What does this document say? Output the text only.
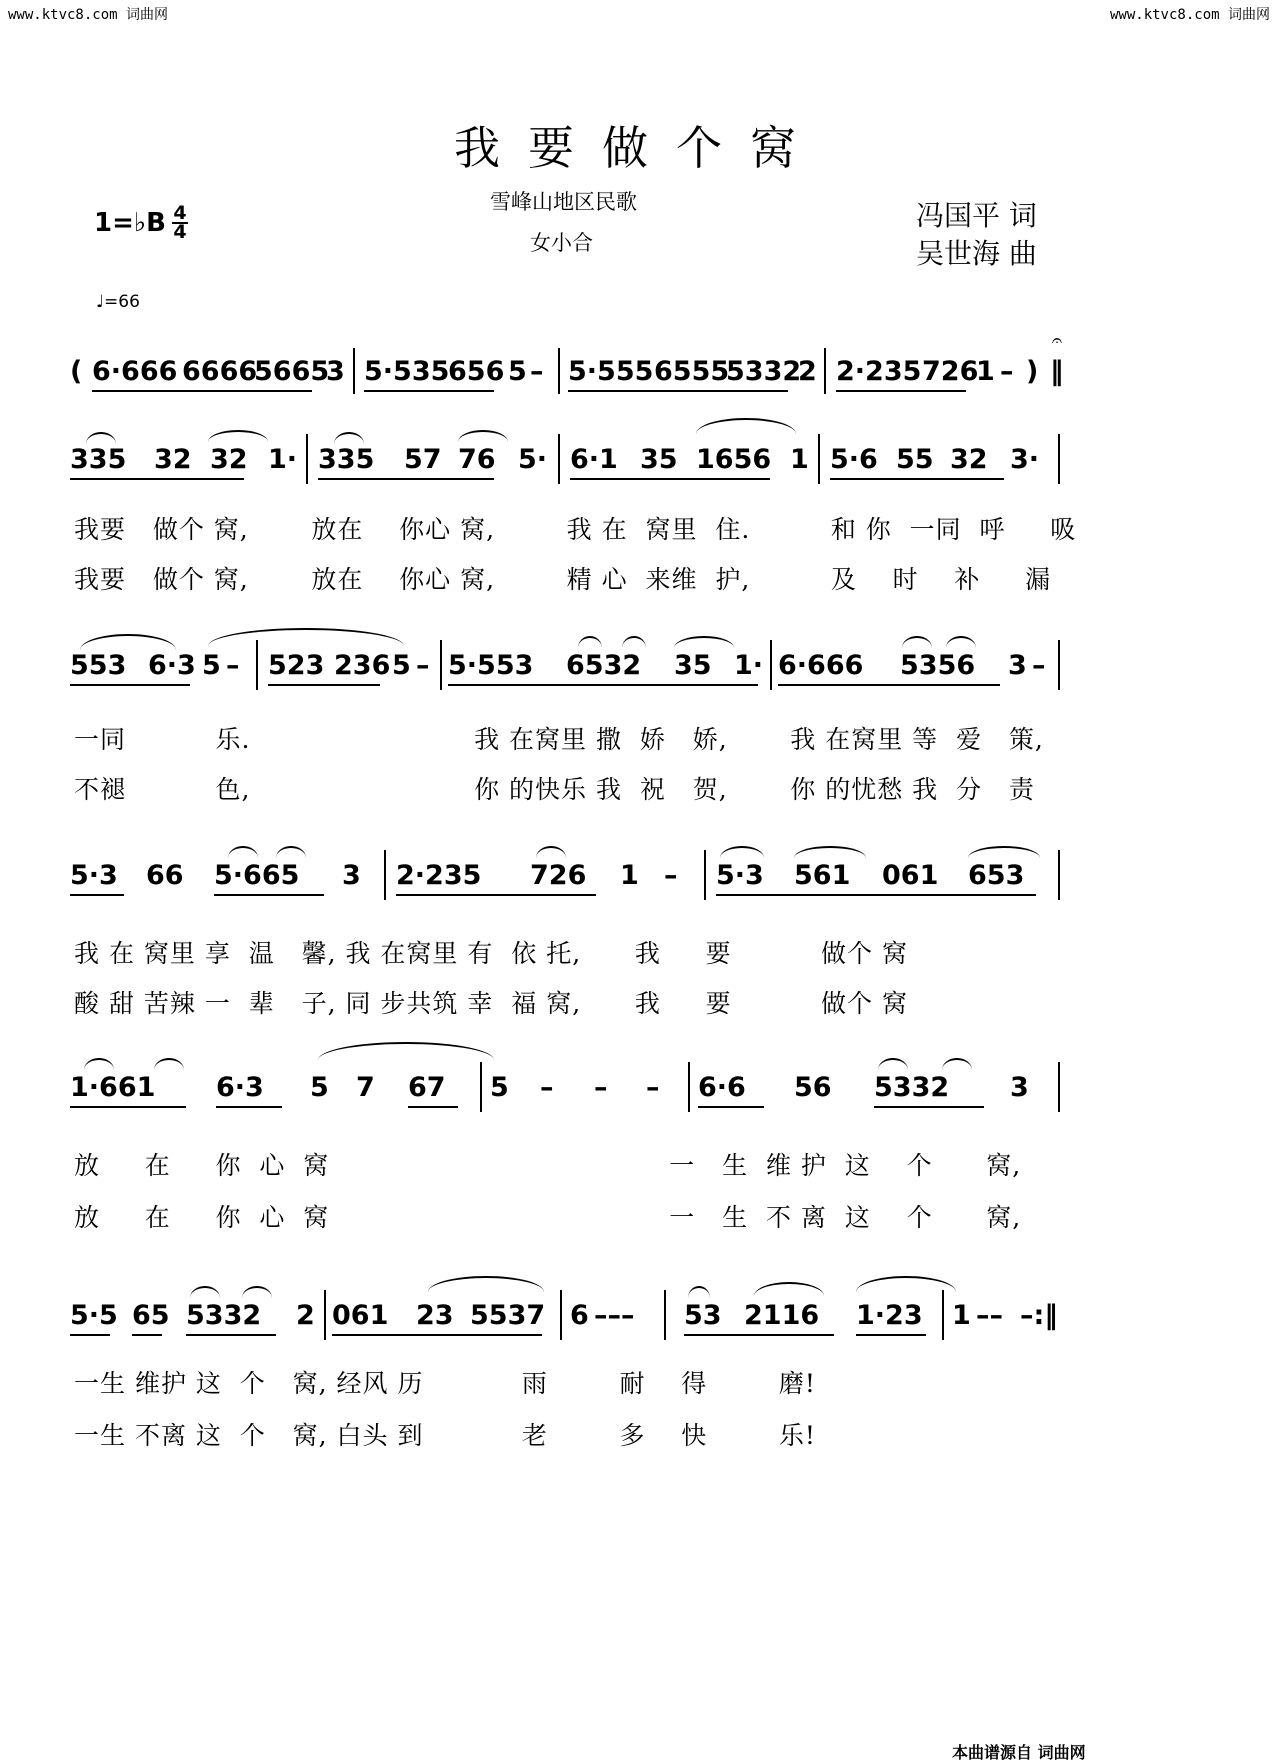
www.ktvc8.com 词曲网	www.ktvc8.com 词曲网
我要做个窝
1=♭B 4
4
♩=66
雪峰山地区民歌
女小合
冯国平 词
吴世海 曲
𝄐
( 6·666 6666
5665
3 5·535
656 5 – 5·555 6555
5332
2 2·235 726
1 – ) ‖
335 32 32 1· 335 57 76 5· 6·1 35 1656 1 5·6 55 32 3·
我要   做个 窝,       放在    你心 窝,        我 在  窝里  住.         和 你  一同  呼     吸
我要   做个 窝,       放在    你心 窝,        精 心  来维  护,         及    时    补     漏
553 6·3 5 – 523 236 5 – 5·553 6532 35 1· 6·666 5356 3 –
一同          乐.                         我 在窝里 撒  娇   娇,       我 在窝里 等  爱   策,
不褪          色,                         你 的快乐 我  祝   贺,       你 的忧愁 我  分   责
5·3 66 5·665 3 2·235 726 1 – 5·3 561 061 653
我 在 窝里 享  温   馨, 我 在窝里 有  依 托,      我     要          做个 窝
酸 甜 苦辣 一  辈   子, 同 步共筑 幸  福 窝,      我     要          做个 窝
1·661 6·3 5 7 67 5 – – – 6·6 56 5332 3
放     在     你  心  窝                                      一   生  维 护  这    个      窝,
放     在     你  心  窝                                      一   生  不 离  这    个      窝,
5·5 65 5332 2 061 23 5537 6 ––– 53 2116 1·23 1 –– –:‖
一生 维护 这  个   窝, 经风 历           雨        耐    得        磨!
一生 不离 这  个   窝, 白头 到           老        多    快        乐!
本曲谱源自 词曲网
